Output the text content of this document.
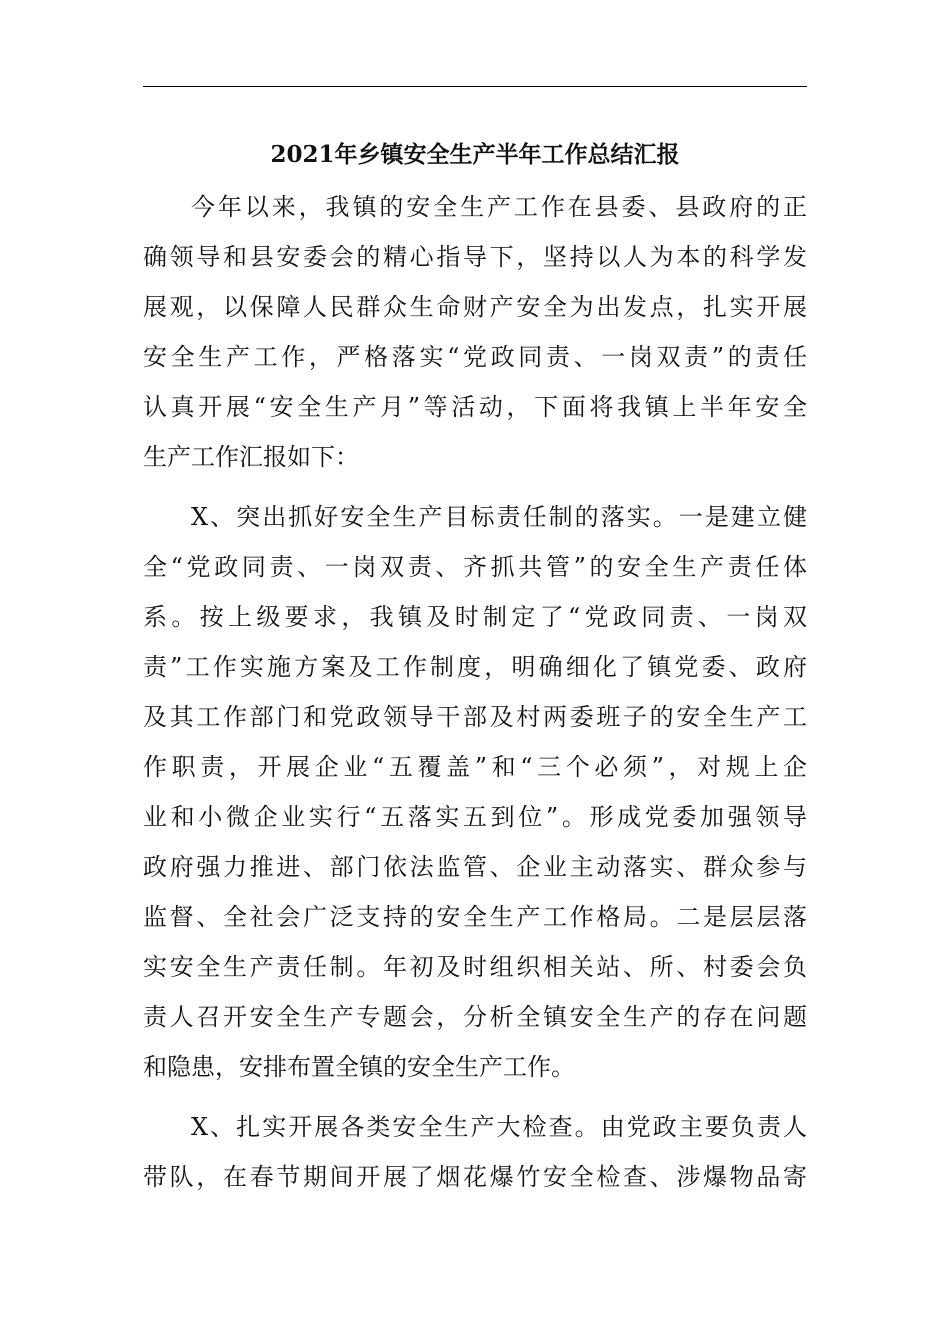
2021年乡镇安全生产半年工作总结汇报
今年以来，我镇的安全生产工作在县委、县政府的正
确领导和县安委会的精心指导下，坚持以人为本的科学发
展观，以保障人民群众生命财产安全为出发点，扎实开展
安全生产工作，严格落实“党政同责、一岗双责”的责任
认真开展“安全生产月”等活动，下面将我镇上半年安全
生产工作汇报如下：
X、突出抓好安全生产目标责任制的落实。一是建立健
全“党政同责、一岗双责、齐抓共管”的安全生产责任体
系。按上级要求，我镇及时制定了“党政同责、一岗双
责”工作实施方案及工作制度，明确细化了镇党委、政府
及其工作部门和党政领导干部及村两委班子的安全生产工
作职责，开展企业“五覆盖”和“三个必须”，对规上企
业和小微企业实行“五落实五到位”。形成党委加强领导
政府强力推进、部门依法监管、企业主动落实、群众参与
监督、全社会广泛支持的安全生产工作格局。二是层层落
实安全生产责任制。年初及时组织相关站、所、村委会负
责人召开安全生产专题会，分析全镇安全生产的存在问题
和隐患，安排布置全镇的安全生产工作。
X、扎实开展各类安全生产大检查。由党政主要负责人
带队，在春节期间开展了烟花爆竹安全检查、涉爆物品寄
